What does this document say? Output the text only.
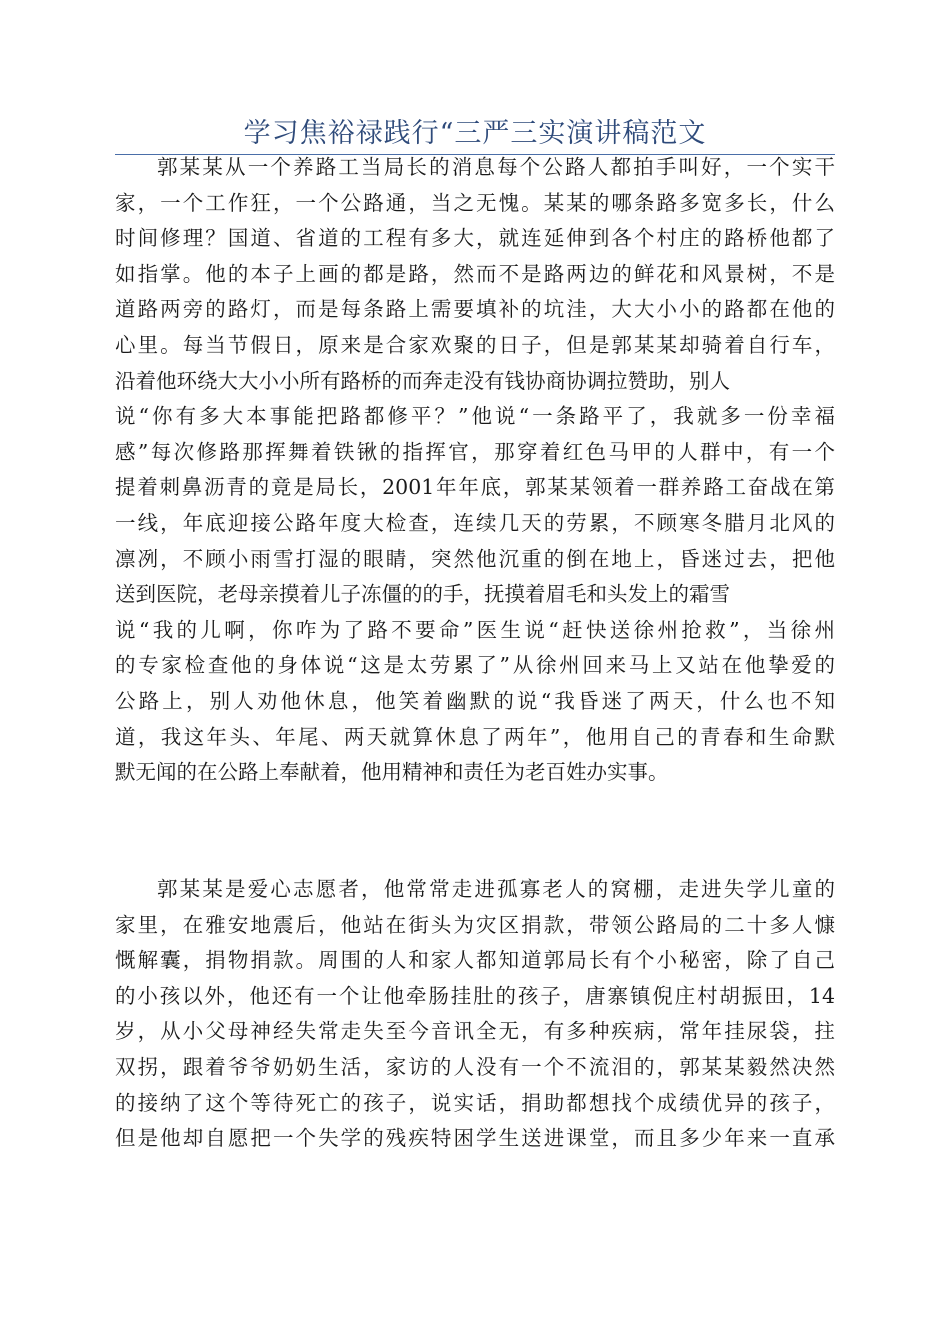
学习焦裕禄践行“三严三实演讲稿范文
郭某某从一个养路工当局长的消息每个公路人都拍手叫好，一个实干
家，一个工作狂，一个公路通，当之无愧。某某的哪条路多宽多长，什么
时间修理？国道、省道的工程有多大，就连延伸到各个村庄的路桥他都了
如指掌。他的本子上画的都是路，然而不是路两边的鲜花和风景树，不是
道路两旁的路灯，而是每条路上需要填补的坑洼，大大小小的路都在他的
心里。每当节假日，原来是合家欢聚的日子，但是郭某某却骑着自行车，
沿着他环绕大大小小所有路桥的而奔走没有钱协商协调拉赞助，别人
说“你有多大本事能把路都修平？”他说“一条路平了，我就多一份幸福
感”每次修路那挥舞着铁锹的指挥官，那穿着红色马甲的人群中，有一个
提着刺鼻沥青的竟是局长，2001年年底，郭某某领着一群养路工奋战在第
一线，年底迎接公路年度大检查，连续几天的劳累，不顾寒冬腊月北风的
凛冽，不顾小雨雪打湿的眼睛，突然他沉重的倒在地上，昏迷过去，把他
送到医院，老母亲摸着儿子冻僵的的手，抚摸着眉毛和头发上的霜雪
说“我的儿啊，你咋为了路不要命”医生说“赶快送徐州抢救”，当徐州
的专家检查他的身体说“这是太劳累了”从徐州回来马上又站在他挚爱的
公路上，别人劝他休息，他笑着幽默的说“我昏迷了两天，什么也不知
道，我这年头、年尾、两天就算休息了两年”，他用自己的青春和生命默
默无闻的在公路上奉献着，他用精神和责任为老百姓办实事。
郭某某是爱心志愿者，他常常走进孤寡老人的窝棚，走进失学儿童的
家里，在雅安地震后，他站在街头为灾区捐款，带领公路局的二十多人慷
慨解囊，捐物捐款。周围的人和家人都知道郭局长有个小秘密，除了自己
的小孩以外，他还有一个让他牵肠挂肚的孩子，唐寨镇倪庄村胡振田，14
岁，从小父母神经失常走失至今音讯全无，有多种疾病，常年挂尿袋，拄
双拐，跟着爷爷奶奶生活，家访的人没有一个不流泪的，郭某某毅然决然
的接纳了这个等待死亡的孩子，说实话，捐助都想找个成绩优异的孩子，
但是他却自愿把一个失学的残疾特困学生送进课堂，而且多少年来一直承
